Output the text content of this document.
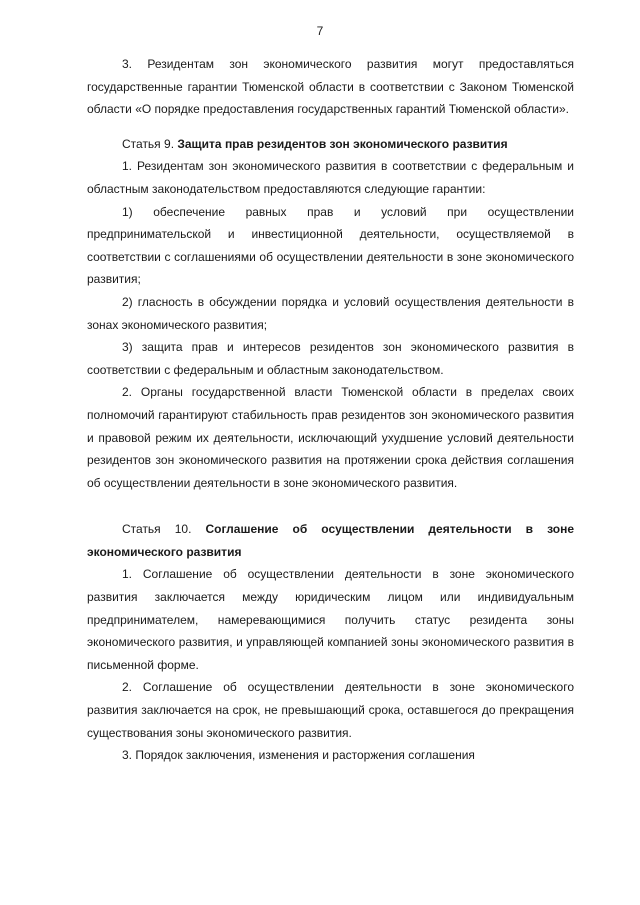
7

3. Резидентам зон экономического развития могут предоставляться государственные гарантии Тюменской области в соответствии с Законом Тюменской области «О порядке предоставления государственных гарантий Тюменской области».

Статья 9. Защита прав резидентов зон экономического развития

1. Резидентам зон экономического развития в соответствии с федеральным и областным законодательством предоставляются следующие гарантии:

1) обеспечение равных прав и условий при осуществлении предпринимательской и инвестиционной деятельности, осуществляемой в соответствии с соглашениями об осуществлении деятельности в зоне экономического развития;

2) гласность в обсуждении порядка и условий осуществления деятельности в зонах экономического развития;

3) защита прав и интересов резидентов зон экономического развития в соответствии с федеральным и областным законодательством.

2. Органы государственной власти Тюменской области в пределах своих полномочий гарантируют стабильность прав резидентов зон экономического развития и правовой режим их деятельности, исключающий ухудшение условий деятельности резидентов зон экономического развития на протяжении срока действия соглашения об осуществлении деятельности в зоне экономического развития.

Статья 10. Соглашение об осуществлении деятельности в зоне экономического развития

1. Соглашение об осуществлении деятельности в зоне экономического развития заключается между юридическим лицом или индивидуальным предпринимателем, намеревающимися получить статус резидента зоны экономического развития, и управляющей компанией зоны экономического развития в письменной форме.

2. Соглашение об осуществлении деятельности в зоне экономического развития заключается на срок, не превышающий срока, оставшегося до прекращения существования зоны экономического развития.

3. Порядок заключения, изменения и расторжения соглашения
